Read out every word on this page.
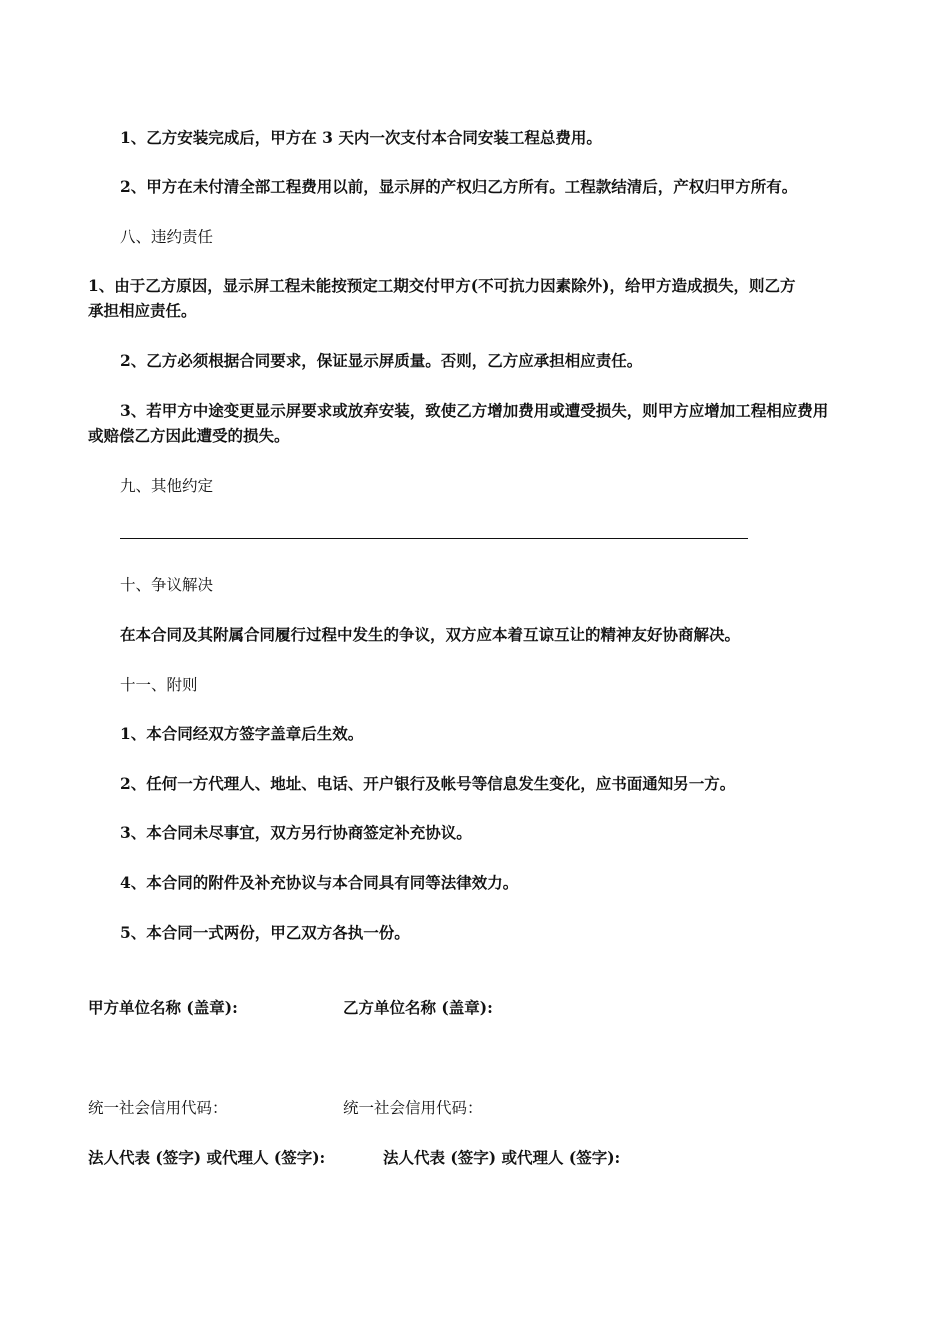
1、乙方安装完成后，甲方在 3 天内一次支付本合同安装工程总费用。
2、甲方在未付清全部工程费用以前，显示屏的产权归乙方所有。工程款结清后，产权归甲方所有。
八、违约责任
1、由于乙方原因，显示屏工程未能按预定工期交付甲方(不可抗力因素除外)，给甲方造成损失，则乙方
承担相应责任。
2、乙方必须根据合同要求，保证显示屏质量。否则，乙方应承担相应责任。
3、若甲方中途变更显示屏要求或放弃安装，致使乙方增加费用或遭受损失，则甲方应增加工程相应费用
或赔偿乙方因此遭受的损失。
九、其他约定
十、争议解决
在本合同及其附属合同履行过程中发生的争议，双方应本着互谅互让的精神友好协商解决。
十一、附则
1、本合同经双方签字盖章后生效。
2、任何一方代理人、地址、电话、开户银行及帐号等信息发生变化，应书面通知另一方。
3、本合同未尽事宜，双方另行协商签定补充协议。
4、本合同的附件及补充协议与本合同具有同等法律效力。
5、本合同一式两份，甲乙双方各执一份。
甲方单位名称 (盖章):	乙方单位名称 (盖章):
统一社会信用代码：	统一社会信用代码：
法人代表 (签字) 或代理人 (签字):	法人代表 (签字) 或代理人 (签字):
